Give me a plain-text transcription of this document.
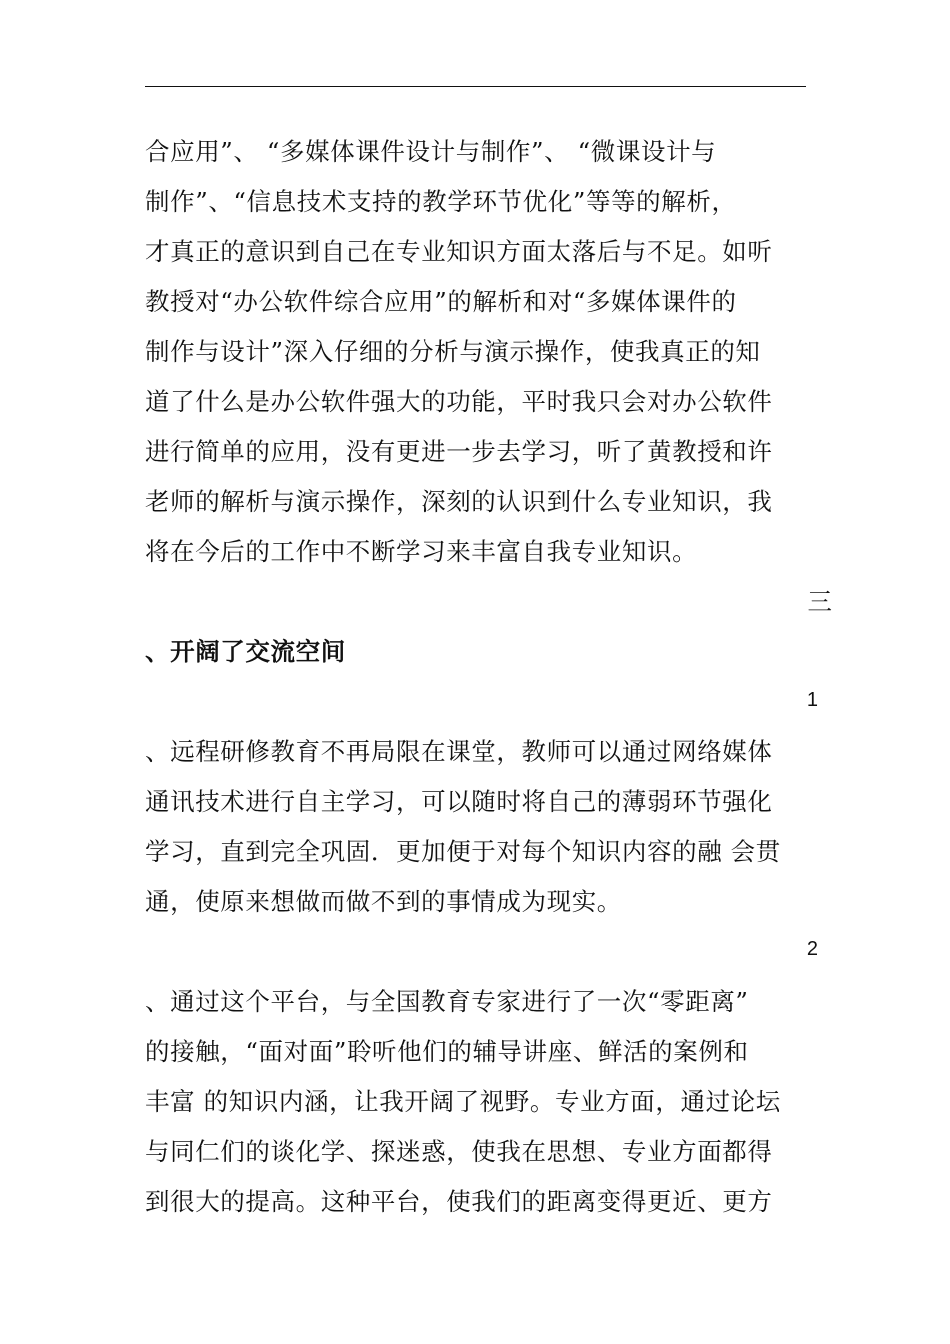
合应用”、 “多媒体课件设计与制作”、 “微课设计与

制作”、“信息技术支持的教学环节优化”等等的解析，

才真正的意识到自己在专业知识方面太落后与不足。如听

教授对“办公软件综合应用”的解析和对“多媒体课件的

制作与设计”深入仔细的分析与演示操作，使我真正的知

道了什么是办公软件强大的功能，平时我只会对办公软件

进行简单的应用，没有更进一步去学习，听了黄教授和许

老师的解析与演示操作，深刻的认识到什么专业知识，我

将在今后的工作中不断学习来丰富自我专业知识。

三

、开阔了交流空间

1

、远程研修教育不再局限在课堂，教师可以通过网络媒体

通讯技术进行自主学习，可以随时将自己的薄弱环节强化

学习，直到完全巩固．更加便于对每个知识内容的融 会贯

通，使原来想做而做不到的事情成为现实。

2

、通过这个平台，与全国教育专家进行了一次“零距离”

的接触，“面对面”聆听他们的辅导讲座、鲜活的案例和

丰富 的知识内涵，让我开阔了视野。专业方面，通过论坛

与同仁们的谈化学、探迷惑，使我在思想、专业方面都得

到很大的提高。这种平台，使我们的距离变得更近、更方
